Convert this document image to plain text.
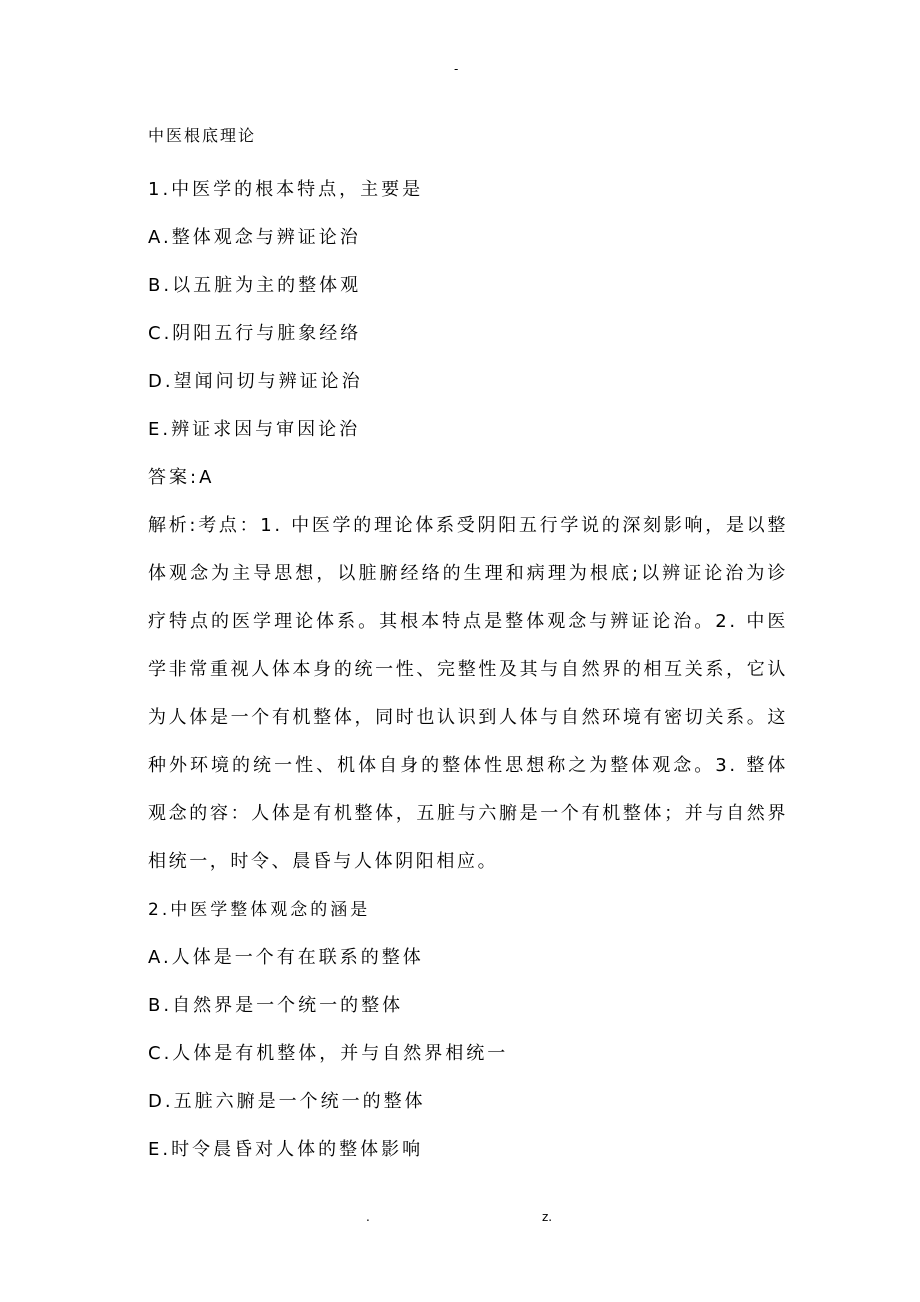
-
中医根底理论
1.中医学的根本特点，主要是
A.整体观念与辨证论治
B.以五脏为主的整体观
C.阴阳五行与脏象经络
D.望闻问切与辨证论治
E.辨证求因与审因论治
答案:A
解析:考点：1. 中医学的理论体系受阴阳五行学说的深刻影响，是以整体观念为主导思想，以脏腑经络的生理和病理为根底;以辨证论治为诊疗特点的医学理论体系。其根本特点是整体观念与辨证论治。2. 中医学非常重视人体本身的统一性、完整性及其与自然界的相互关系，它认为人体是一个有机整体，同时也认识到人体与自然环境有密切关系。这种外环境的统一性、机体自身的整体性思想称之为整体观念。3. 整体观念的容：人体是有机整体，五脏与六腑是一个有机整体；并与自然界相统一，时令、晨昏与人体阴阳相应。
2.中医学整体观念的涵是
A.人体是一个有在联系的整体
B.自然界是一个统一的整体
C.人体是有机整体，并与自然界相统一
D.五脏六腑是一个统一的整体
E.时令晨昏对人体的整体影响
.	z.
